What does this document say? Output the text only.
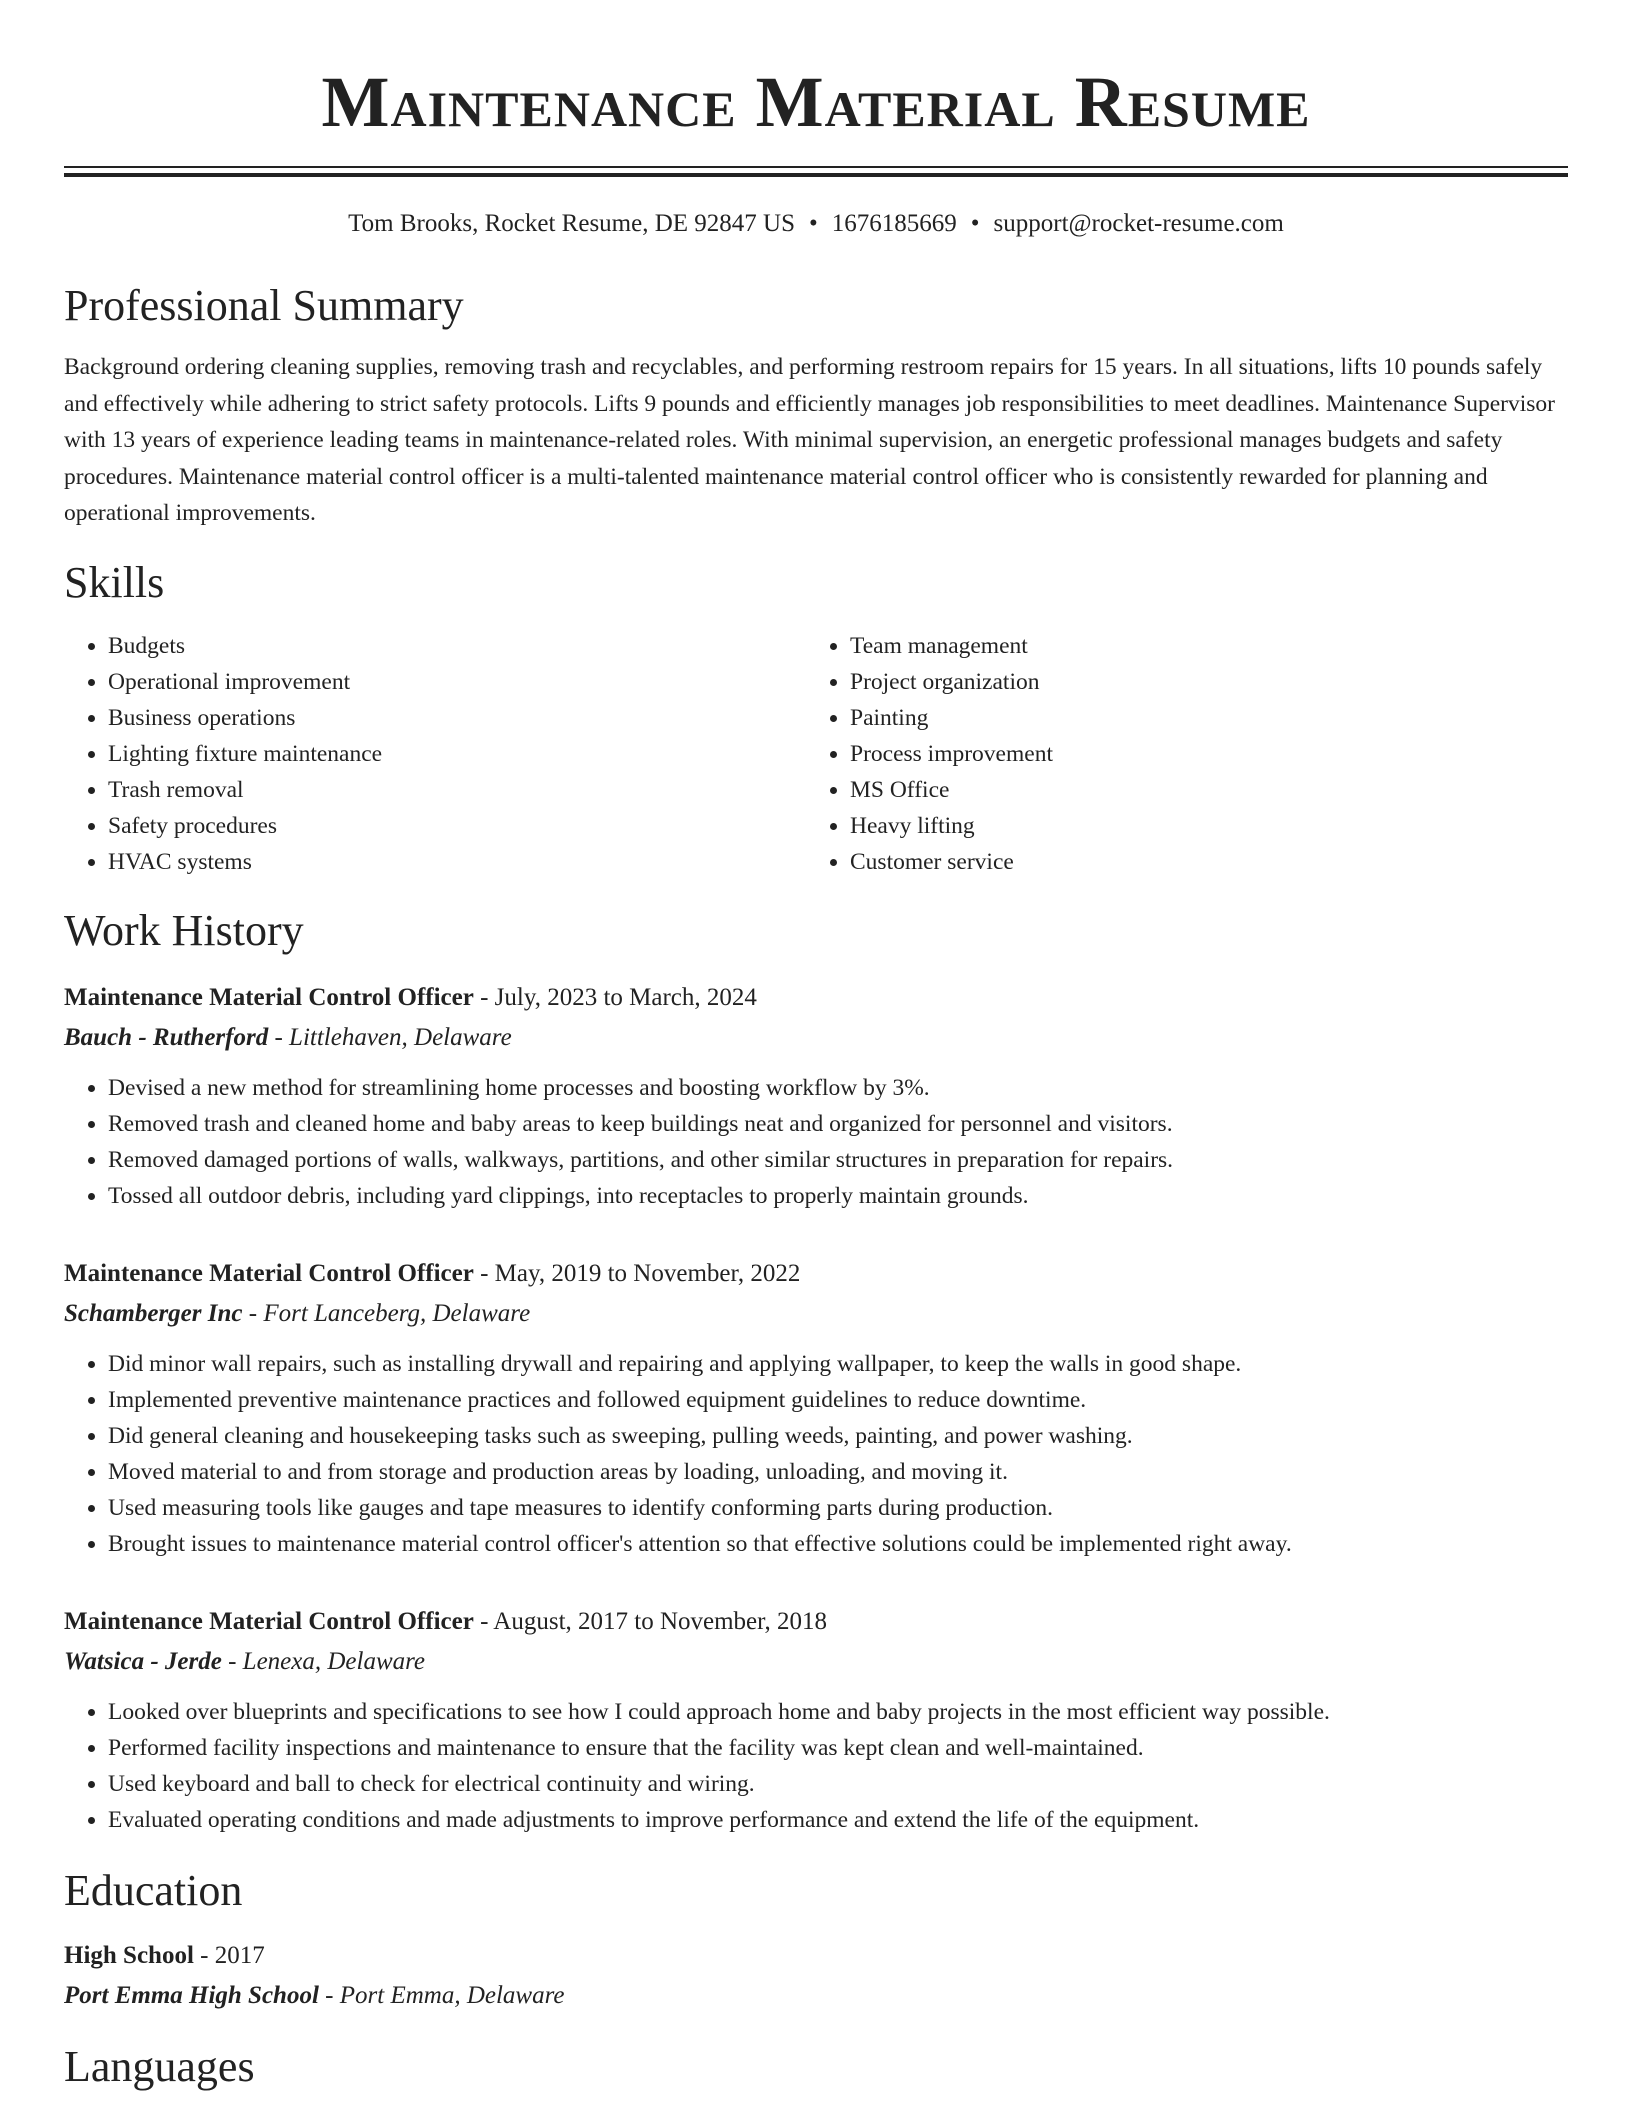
Maintenance Material Resume
Tom Brooks, Rocket Resume, DE 92847 US • 1676185669 • support@rocket-resume.com
Professional Summary
Background ordering cleaning supplies, removing trash and recyclables, and performing restroom repairs for 15 years. In all situations, lifts 10 pounds safely and effectively while adhering to strict safety protocols. Lifts 9 pounds and efficiently manages job responsibilities to meet deadlines. Maintenance Supervisor with 13 years of experience leading teams in maintenance-related roles. With minimal supervision, an energetic professional manages budgets and safety procedures. Maintenance material control officer is a multi-talented maintenance material control officer who is consistently rewarded for planning and operational improvements.
Skills
• Budgets
• Operational improvement
• Business operations
• Lighting fixture maintenance
• Trash removal
• Safety procedures
• HVAC systems
• Team management
• Project organization
• Painting
• Process improvement
• MS Office
• Heavy lifting
• Customer service
Work History
Maintenance Material Control Officer - July, 2023 to March, 2024
Bauch - Rutherford - Littlehaven, Delaware
• Devised a new method for streamlining home processes and boosting workflow by 3%.
• Removed trash and cleaned home and baby areas to keep buildings neat and organized for personnel and visitors.
• Removed damaged portions of walls, walkways, partitions, and other similar structures in preparation for repairs.
• Tossed all outdoor debris, including yard clippings, into receptacles to properly maintain grounds.
Maintenance Material Control Officer - May, 2019 to November, 2022
Schamberger Inc - Fort Lanceberg, Delaware
• Did minor wall repairs, such as installing drywall and repairing and applying wallpaper, to keep the walls in good shape.
• Implemented preventive maintenance practices and followed equipment guidelines to reduce downtime.
• Did general cleaning and housekeeping tasks such as sweeping, pulling weeds, painting, and power washing.
• Moved material to and from storage and production areas by loading, unloading, and moving it.
• Used measuring tools like gauges and tape measures to identify conforming parts during production.
• Brought issues to maintenance material control officer's attention so that effective solutions could be implemented right away.
Maintenance Material Control Officer - August, 2017 to November, 2018
Watsica - Jerde - Lenexa, Delaware
• Looked over blueprints and specifications to see how I could approach home and baby projects in the most efficient way possible.
• Performed facility inspections and maintenance to ensure that the facility was kept clean and well-maintained.
• Used keyboard and ball to check for electrical continuity and wiring.
• Evaluated operating conditions and made adjustments to improve performance and extend the life of the equipment.
Education
High School - 2017
Port Emma High School - Port Emma, Delaware
Languages
